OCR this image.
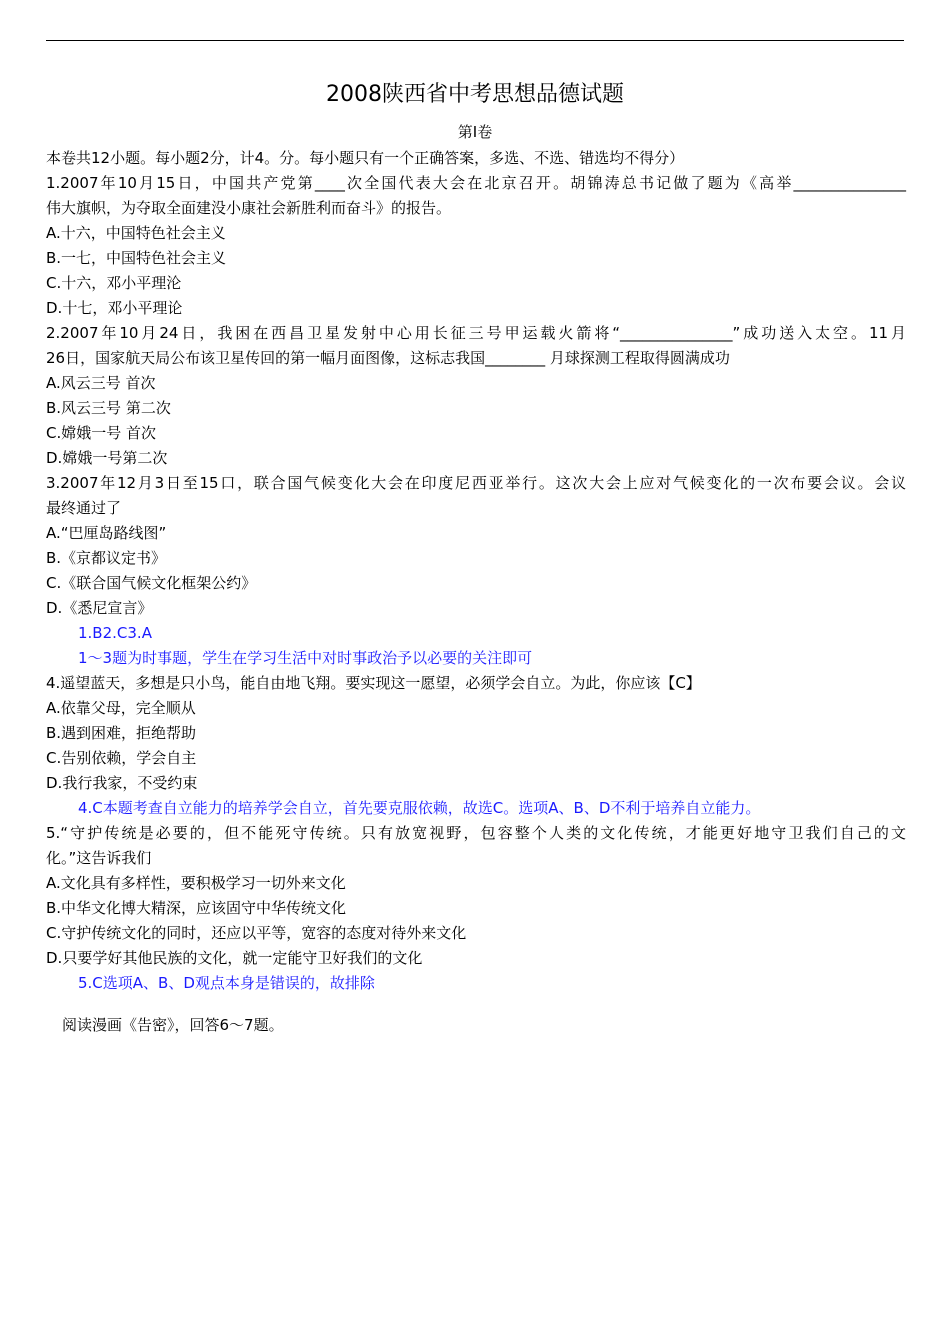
2008陕西省中考思想品德试题
第Ⅰ卷
本卷共12小题。每小题2分，计4。分。每小题只有一个正确答案，多选、不选、错选均不得分）
1.2007年10月15日，中国共产党第____次全国代表大会在北京召开。胡锦涛总书记做了题为《高举_______________
伟大旗帜，为夺取全面建没小康社会新胜利而奋斗》的报告。
A.十六，中国特色社会主义
B.一七，中国特色社会主义
C.十六，邓小平理沦
D.十七，邓小平理论
2.2007年10月24日，我困在西昌卫星发射中心用长征三号甲运载火箭将“_______________”成功送入太空。11月
26日，国家航天局公布该卫星传回的第一幅月面图像，这标志我国________ 月球探测工程取得圆满成功
A.风云三号 首次
B.风云三号 第二次
C.嫦娥一号 首次
D.嫦娥一号第二次
3.2007年12月3日至15口，联合国气候变化大会在印度尼西亚举行。这次大会上应对气候变化的一次布要会议。会议
最终通过了
A.“巴厘岛路线图”
B.《京都议定书》
C.《联合国气候文化框架公约》
D.《悉尼宣言》
1.B2.C3.A
1～3题为时事题，学生在学习生活中对时事政治予以必要的关注即可
4.遥望蓝天，多想是只小鸟，能自由地飞翔。要实现这一愿望，必须学会自立。为此，你应该【C】
A.依靠父母，完全顺从
B.遇到困难，拒绝帮助
C.告别依赖，学会自主
D.我行我家，不受约束
4.C本题考查自立能力的培养学会自立，首先要克服依赖，故选C。选项A、B、D不利于培养自立能力。
5.“守护传统是必要的，但不能死守传统。只有放宽视野，包容整个人类的文化传统，才能更好地守卫我们自己的文
化。”这告诉我们
A.文化具有多样性，要积极学习一切外来文化
B.中华文化博大精深，应该固守中华传统文化
C.守护传统文化的同时，还应以平等，宽容的态度对待外来文化
D.只要学好其他民族的文化，就一定能守卫好我们的文化
5.C选项A、B、D观点本身是错误的，故排除
阅读漫画《告密》，回答6～7题。
